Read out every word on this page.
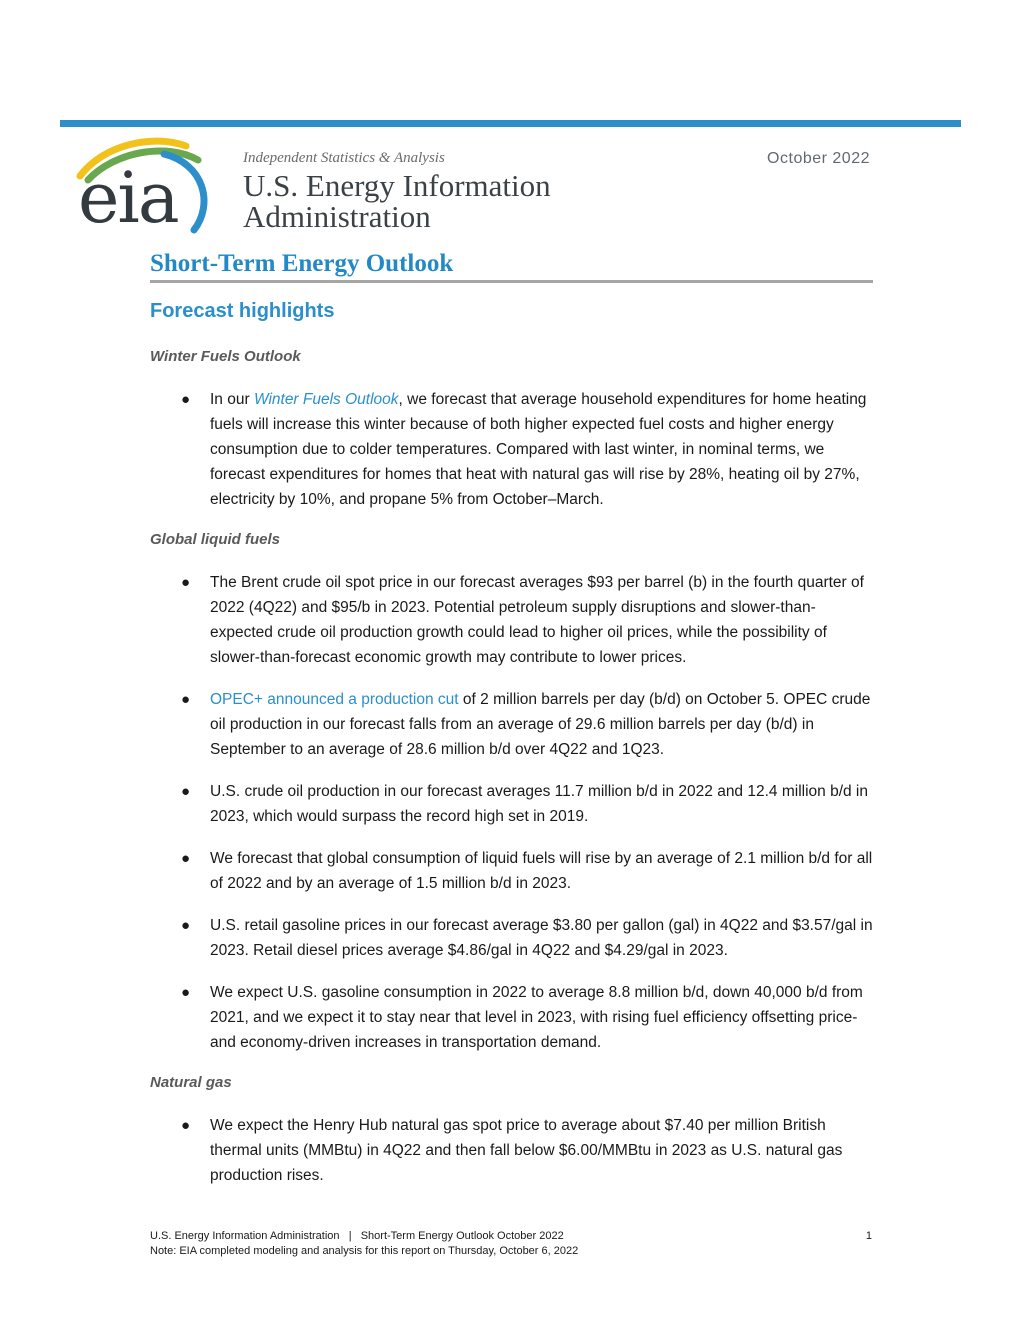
eia	Independent Statistics & Analysis
U.S. Energy Information
Administration
October 2022
Short-Term Energy Outlook
Forecast highlights
Winter Fuels Outlook
● In our Winter Fuels Outlook, we forecast that average household expenditures for home heating fuels will increase this winter because of both higher expected fuel costs and higher energy consumption due to colder temperatures. Compared with last winter, in nominal terms, we forecast expenditures for homes that heat with natural gas will rise by 28%, heating oil by 27%, electricity by 10%, and propane 5% from October–March.
Global liquid fuels
● The Brent crude oil spot price in our forecast averages $93 per barrel (b) in the fourth quarter of 2022 (4Q22) and $95/b in 2023. Potential petroleum supply disruptions and slower-than-expected crude oil production growth could lead to higher oil prices, while the possibility of slower-than-forecast economic growth may contribute to lower prices.
● OPEC+ announced a production cut of 2 million barrels per day (b/d) on October 5. OPEC crude oil production in our forecast falls from an average of 29.6 million barrels per day (b/d) in September to an average of 28.6 million b/d over 4Q22 and 1Q23.
● U.S. crude oil production in our forecast averages 11.7 million b/d in 2022 and 12.4 million b/d in 2023, which would surpass the record high set in 2019.
● We forecast that global consumption of liquid fuels will rise by an average of 2.1 million b/d for all of 2022 and by an average of 1.5 million b/d in 2023.
● U.S. retail gasoline prices in our forecast average $3.80 per gallon (gal) in 4Q22 and $3.57/gal in 2023. Retail diesel prices average $4.86/gal in 4Q22 and $4.29/gal in 2023.
● We expect U.S. gasoline consumption in 2022 to average 8.8 million b/d, down 40,000 b/d from 2021, and we expect it to stay near that level in 2023, with rising fuel efficiency offsetting price- and economy-driven increases in transportation demand.
Natural gas
● We expect the Henry Hub natural gas spot price to average about $7.40 per million British thermal units (MMBtu) in 4Q22 and then fall below $6.00/MMBtu in 2023 as U.S. natural gas production rises.
U.S. Energy Information Administration   |   Short-Term Energy Outlook October 2022	1
Note: EIA completed modeling and analysis for this report on Thursday, October 6, 2022
